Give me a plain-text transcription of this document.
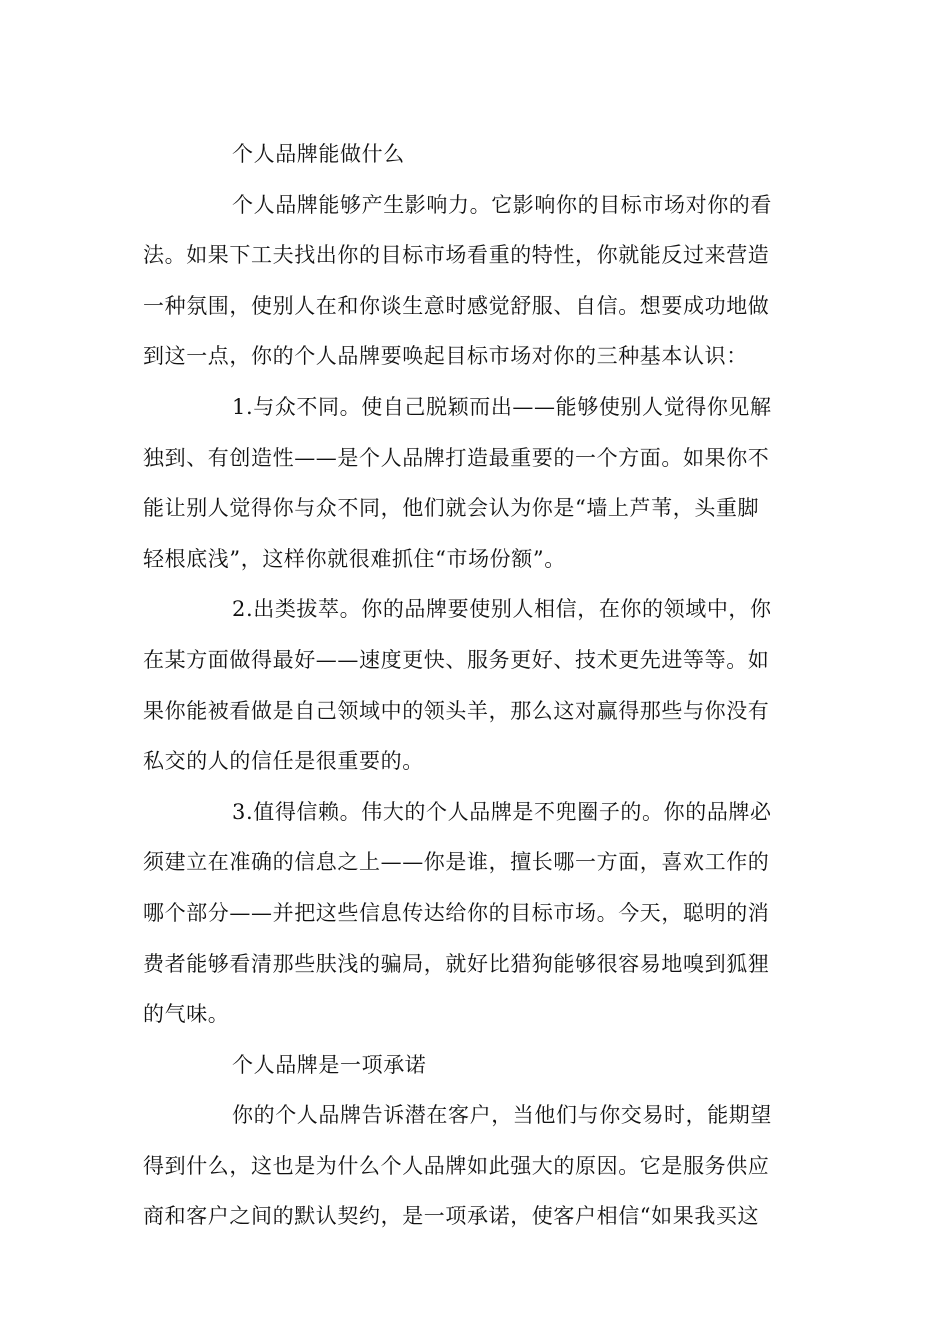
个人品牌能做什么
个人品牌能够产生影响力。它影响你的目标市场对你的看
法。如果下工夫找出你的目标市场看重的特性，你就能反过来营造
一种氛围，使别人在和你谈生意时感觉舒服、自信。想要成功地做
到这一点，你的个人品牌要唤起目标市场对你的三种基本认识：
1.与众不同。使自己脱颖而出——能够使别人觉得你见解
独到、有创造性——是个人品牌打造最重要的一个方面。如果你不
能让别人觉得你与众不同，他们就会认为你是“墙上芦苇，头重脚
轻根底浅”，这样你就很难抓住“市场份额”。
2.出类拔萃。你的品牌要使别人相信，在你的领域中，你
在某方面做得最好——速度更快、服务更好、技术更先进等等。如
果你能被看做是自己领域中的领头羊，那么这对赢得那些与你没有
私交的人的信任是很重要的。
3.值得信赖。伟大的个人品牌是不兜圈子的。你的品牌必
须建立在准确的信息之上——你是谁，擅长哪一方面，喜欢工作的
哪个部分——并把这些信息传达给你的目标市场。今天，聪明的消
费者能够看清那些肤浅的骗局，就好比猎狗能够很容易地嗅到狐狸
的气味。
个人品牌是一项承诺
你的个人品牌告诉潜在客户，当他们与你交易时，能期望
得到什么，这也是为什么个人品牌如此强大的原因。它是服务供应
商和客户之间的默认契约，是一项承诺，使客户相信“如果我买这
